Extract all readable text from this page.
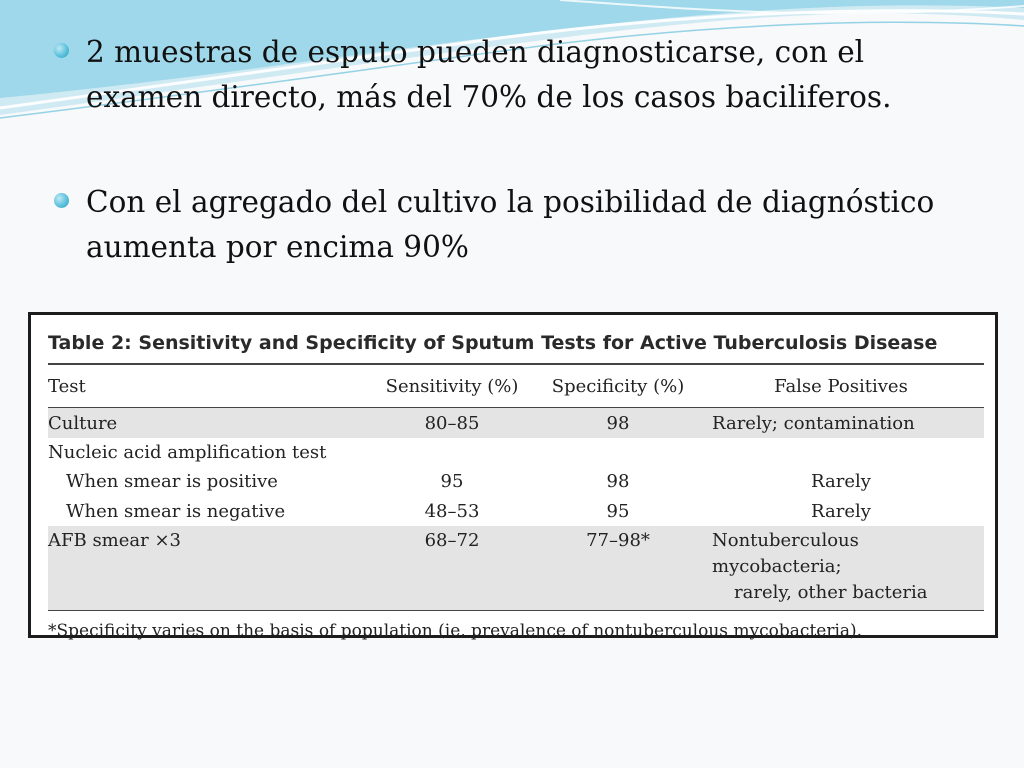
2 muestras de esputo pueden diagnosticarse, con el examen directo, más del 70% de los casos baciliferos.
Con el agregado del cultivo la posibilidad de diagnóstico aumenta por encima 90%
Table 2: Sensitivity and Specificity of Sputum Tests for Active Tuberculosis Disease
Test	Sensitivity (%)	Specificity (%)	False Positives
Culture	80–85	98	Rarely; contamination
Nucleic acid amplification test			
When smear is positive	95	98	Rarely
When smear is negative	48–53	95	Rarely
AFB smear ×3	68–72	77–98*	Nontuberculous mycobacteria;
rarely, other bacteria
*Specificity varies on the basis of population (ie, prevalence of nontuberculous mycobacteria).
